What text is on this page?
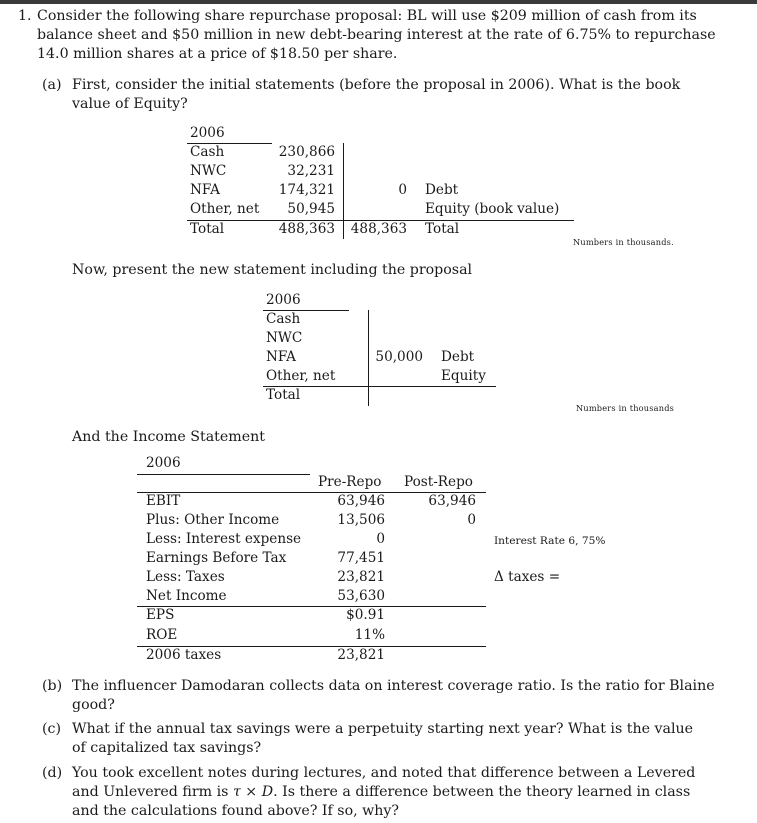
1. Consider the following share repurchase proposal: BL will use $209 million of cash from its
balance sheet and $50 million in new debt-bearing interest at the rate of 6.75% to repurchase
14.0 million shares at a price of $18.50 per share.
(a) First, consider the initial statements (before the proposal in 2006). What is the book
value of Equity?
2006
Cash
NWC
NFA
Other, net
Total
230,866
32,231
174,321
50,945
488,363
0
488,363
Debt
Equity (book value)
Total
Numbers in thousands.
Now, present the new statement including the proposal
2006
Cash
NWC
NFA
Other, net
Total
50,000 Debt
Equity
Numbers in thousands
And the Income Statement
2006
Pre-Repo Post-Repo
EBIT
Plus: Other Income
Less: Interest expense
Earnings Before Tax
Less: Taxes
Net Income
EPS
ROE
2006 taxes
63,946
13,506
0
77,451
23,821
53,630
$0.91
11%
23,821
63,946
0
Interest Rate 6, 75%
Δ taxes =
(b) The influencer Damodaran collects data on interest coverage ratio. Is the ratio for Blaine
good?
(c) What if the annual tax savings were a perpetuity starting next year? What is the value
of capitalized tax savings?
(d) You took excellent notes during lectures, and noted that difference between a Levered
and Unlevered firm is τ × D. Is there a difference between the theory learned in class
and the calculations found above? If so, why?
